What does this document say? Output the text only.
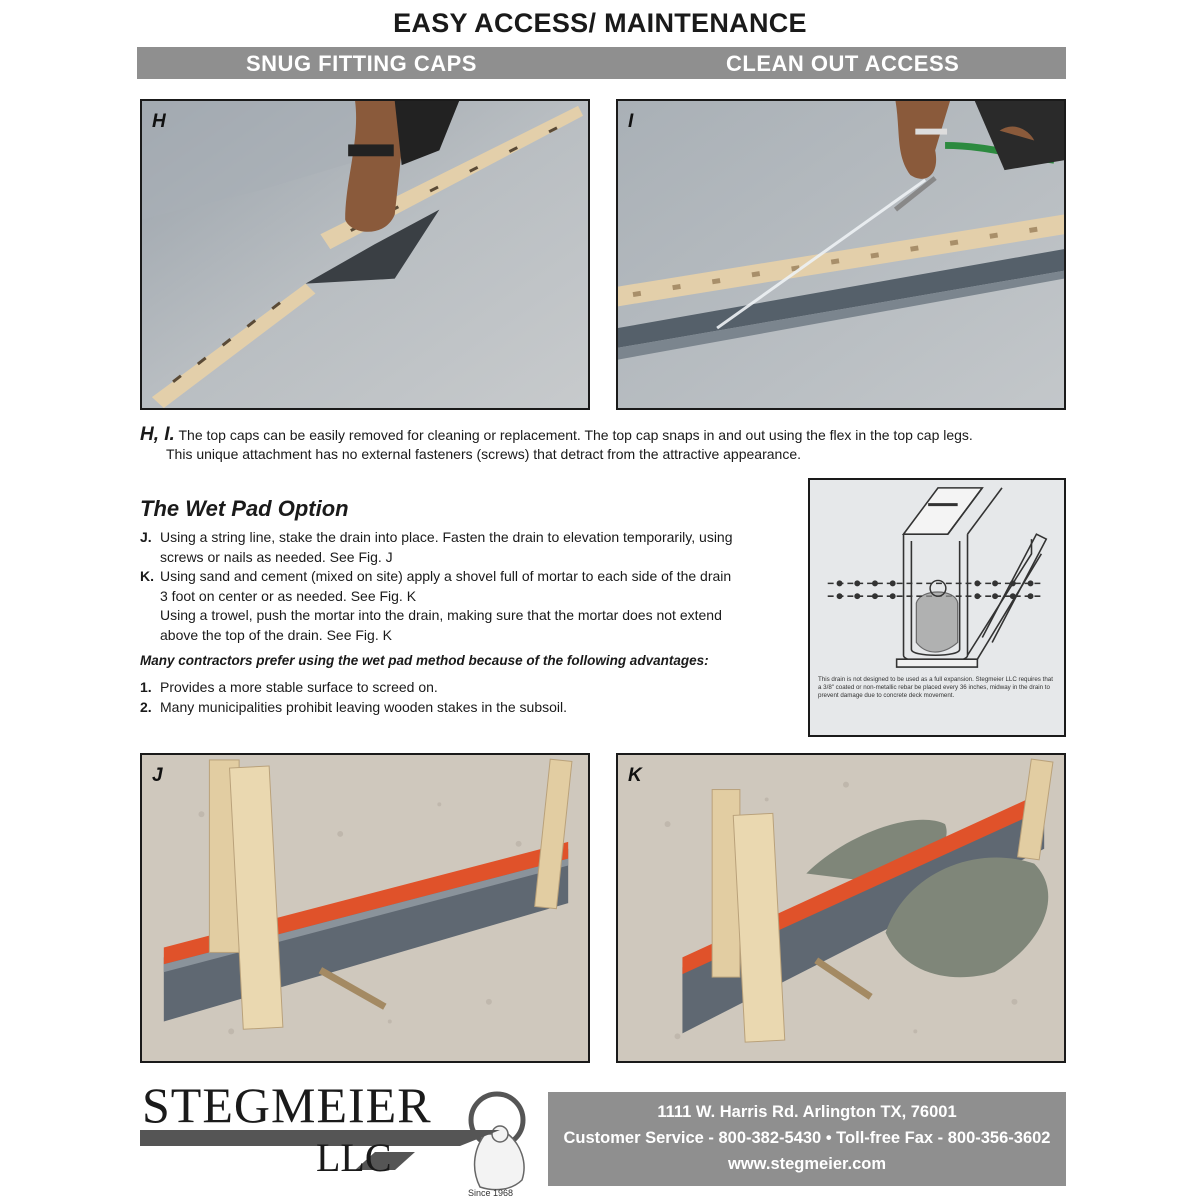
EASY ACCESS/ MAINTENANCE
SNUG FITTING CAPS	CLEAN OUT ACCESS
H	I
H, I. The top caps can be easily removed for cleaning or replacement. The top cap snaps in and out using the flex in the top cap legs.
This unique attachment has no external fasteners (screws) that detract from the attractive appearance.
The Wet Pad Option
J. Using a string line, stake the drain into place. Fasten the drain to elevation temporarily, using
screws or nails as needed. See Fig. J
K. Using sand and cement (mixed on site) apply a shovel full of mortar to each side of the drain
3 foot on center or as needed. See Fig. K
Using a trowel, push the mortar into the drain, making sure that the mortar does not extend
above the top of the drain. See Fig. K
Many contractors prefer using the wet pad method because of the following advantages:
1. Provides a more stable surface to screed on.
2. Many municipalities prohibit leaving wooden stakes in the subsoil.
This drain is not designed to be used as a full expansion. Stegmeier LLC requires that a 3/8" coated or non-metallic rebar be placed every 36 inches, midway in the drain to prevent damage due to concrete deck movement.
J	K
STEGMEIER
LLC
Since 1968
1111 W. Harris Rd. Arlington TX, 76001
Customer Service - 800-382-5430 • Toll-free Fax - 800-356-3602
www.stegmeier.com
